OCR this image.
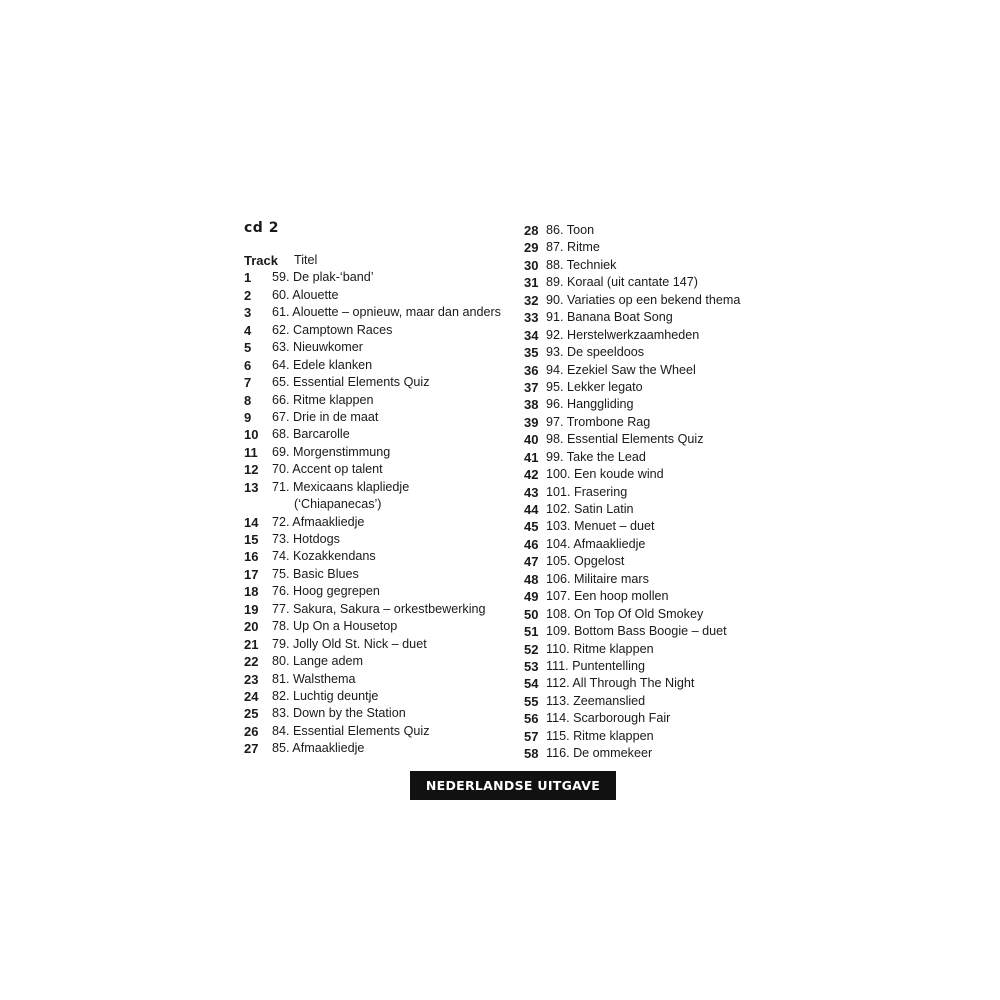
cd 2
Track Titel
1 59. De plak-‘band’
2 60. Alouette
3 61. Alouette – opnieuw, maar dan anders
4 62. Camptown Races
5 63. Nieuwkomer
6 64. Edele klanken
7 65. Essential Elements Quiz
8 66. Ritme klappen
9 67. Drie in de maat
10 68. Barcarolle
11 69. Morgenstimmung
12 70. Accent op talent
13 71. Mexicaans klapliedje
(‘Chiapanecas’)
14 72. Afmaakliedje
15 73. Hotdogs
16 74. Kozakkendans
17 75. Basic Blues
18 76. Hoog gegrepen
19 77. Sakura, Sakura – orkestbewerking
20 78. Up On a Housetop
21 79. Jolly Old St. Nick – duet
22 80. Lange adem
23 81. Walsthema
24 82. Luchtig deuntje
25 83. Down by the Station
26 84. Essential Elements Quiz
27 85. Afmaakliedje
28 86. Toon
29 87. Ritme
30 88. Techniek
31 89. Koraal (uit cantate 147)
32 90. Variaties op een bekend thema
33 91. Banana Boat Song
34 92. Herstelwerkzaamheden
35 93. De speeldoos
36 94. Ezekiel Saw the Wheel
37 95. Lekker legato
38 96. Hanggliding
39 97. Trombone Rag
40 98. Essential Elements Quiz
41 99. Take the Lead
42 100. Een koude wind
43 101. Frasering
44 102. Satin Latin
45 103. Menuet – duet
46 104. Afmaakliedje
47 105. Opgelost
48 106. Militaire mars
49 107. Een hoop mollen
50 108. On Top Of Old Smokey
51 109. Bottom Bass Boogie – duet
52 110. Ritme klappen
53 111. Puntentelling
54 112. All Through The Night
55 113. Zeemanslied
56 114. Scarborough Fair
57 115. Ritme klappen
58 116. De ommekeer
NEDERLANDSE UITGAVE
